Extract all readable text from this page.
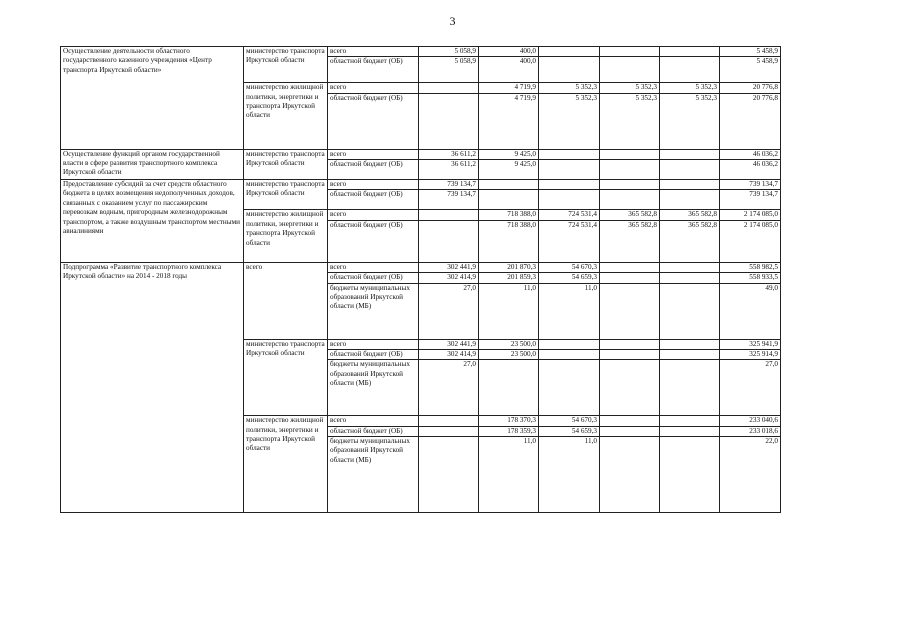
3
Осуществление деятельности областного государственного казенного учреждения «Центр транспорта Иркутской области»	министерство транспорта Иркутской области	всего	5 058,9	400,0				5 458,9
		областной бюджет (ОБ)	5 058,9	400,0				5 458,9
	министерство жилищной политики, энергетики и транспорта Иркутской области	всего		4 719,9	5 352,3	5 352,3	5 352,3	20 776,8
		областной бюджет (ОБ)		4 719,9	5 352,3	5 352,3	5 352,3	20 776,8
Осуществление функций органом государственной власти в сфере развития транспортного комплекса Иркутской области	министерство транспорта Иркутской области	всего	36 611,2	9 425,0				46 036,2
		областной бюджет (ОБ)	36 611,2	9 425,0				46 036,2
Предоставление субсидий за счет средств областного бюджета в целях возмещения недополученных доходов, связанных с оказанием услуг по пассажирским перевозкам водным, пригородным железнодорожным транспортом, а также воздушным транспортом местными авиалиниями	министерство транспорта Иркутской области	всего	739 134,7					739 134,7
		областной бюджет (ОБ)	739 134,7					739 134,7
	министерство жилищной политики, энергетики и транспорта Иркутской области	всего		718 388,0	724 531,4	365 582,8	365 582,8	2 174 085,0
		областной бюджет (ОБ)		718 388,0	724 531,4	365 582,8	365 582,8	2 174 085,0
Подпрограмма «Развитие транспортного комплекса Иркутской области» на 2014 - 2018 годы	всего	всего	302 441,9	201 870,3	54 670,3			558 982,5
		областной бюджет (ОБ)	302 414,9	201 859,3	54 659,3			558 933,5
		бюджеты муниципальных образований Иркутской области (МБ)	27,0	11,0	11,0			49,0
	министерство транспорта Иркутской области	всего	302 441,9	23 500,0				325 941,9
		областной бюджет (ОБ)	302 414,9	23 500,0				325 914,9
		бюджеты муниципальных образований Иркутской области (МБ)	27,0					27,0
	министерство жилищной политики, энергетики и транспорта Иркутской области	всего		178 370,3	54 670,3			233 040,6
		областной бюджет (ОБ)		178 359,3	54 659,3			233 018,6
		бюджеты муниципальных образований Иркутской области (МБ)		11,0	11,0			22,0
